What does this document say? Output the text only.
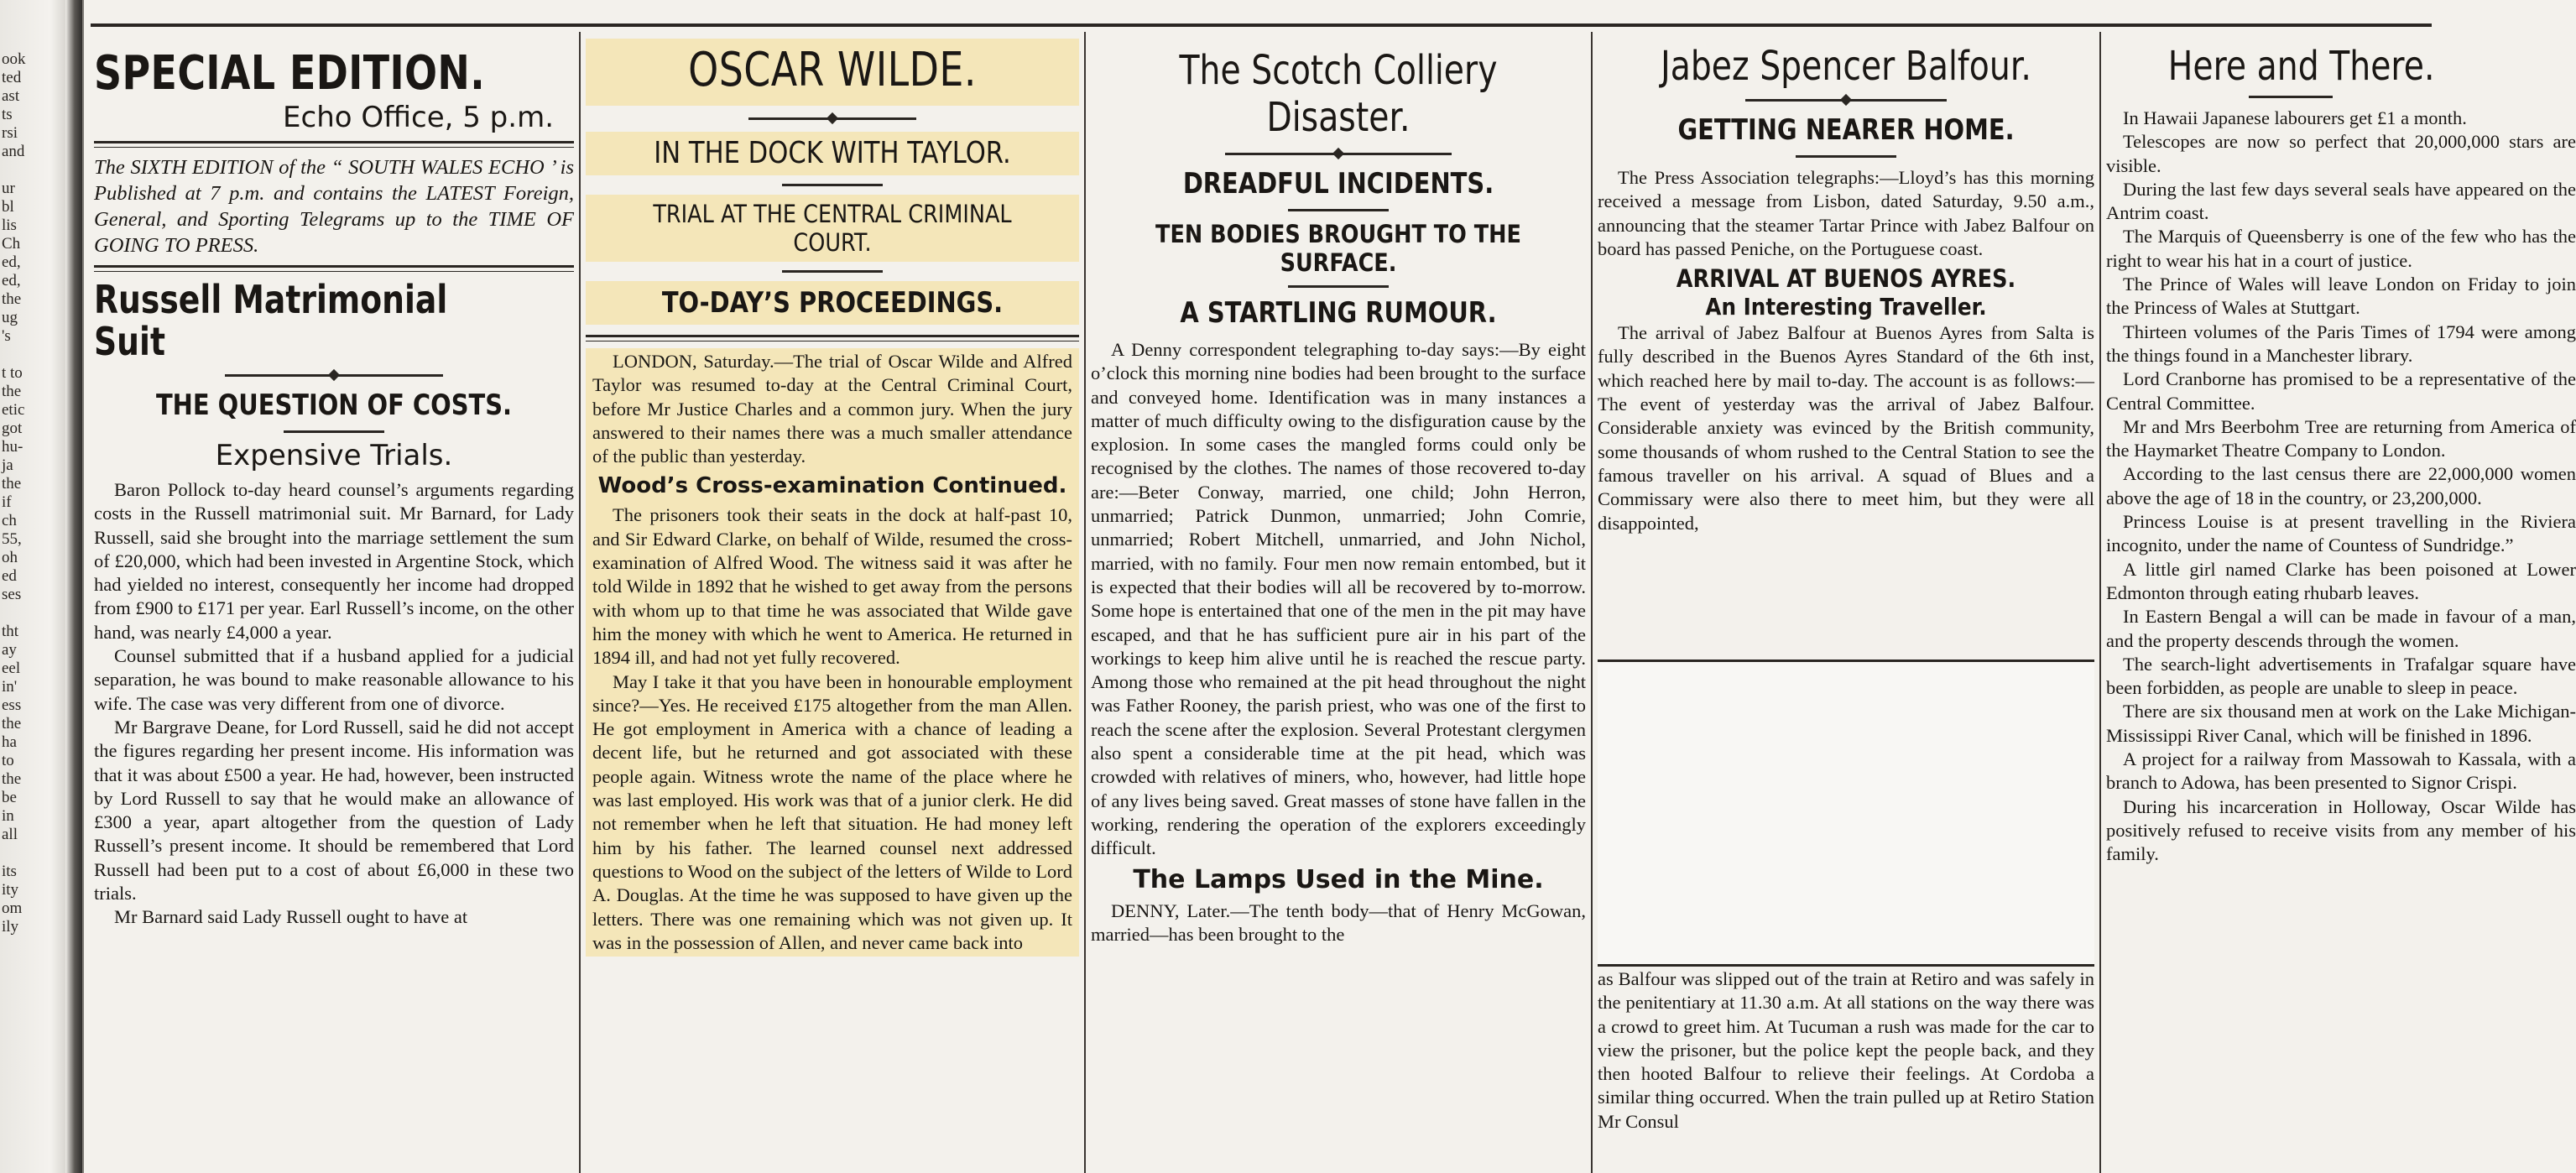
ook
ted
ast
ts
rsi
and

ur
bl
lis
Ch
ed,
ed,
the
ug
's

t to
the
etic
got
hu-
ja
the
if
ch
55,
oh
ed
ses

tht
ay
eel
in'
ess
the
ha
to
the
be
in
all

its
ity
om
ily
SPECIAL EDITION.
Echo Office, 5 p.m.

The SIXTH EDITION of the “ SOUTH WALES ECHO ’ is Published at 7 p.m. and contains the LATEST Foreign, General, and Sporting Telegrams up to the TIME OF GOING TO PRESS.

Russell Matrimonial Suit
THE QUESTION OF COSTS.
Expensive Trials.

Baron Pollock to-day heard counsel’s arguments regarding costs in the Russell matrimonial suit. Mr Barnard, for Lady Russell, said she brought into the marriage settlement the sum of £20,000, which had been invested in Argentine Stock, which had yielded no interest, consequently her income had dropped from £900 to £171 per year. Earl Russell’s income, on the other hand, was nearly £4,000 a year.

Counsel submitted that if a husband applied for a judicial separation, he was bound to make reasonable allowance to his wife. The case was very different from one of divorce.

Mr Bargrave Deane, for Lord Russell, said he did not accept the figures regarding her present income. His information was that it was about £500 a year. He had, however, been instructed by Lord Russell to say that he would make an allowance of £300 a year, apart altogether from the question of Lady Russell’s present income. It should be remembered that Lord Russell had been put to a cost of about £6,000 in these two trials.

Mr Barnard said Lady Russell ought to have at

OSCAR WILDE.
IN THE DOCK WITH TAYLOR.
TRIAL AT THE CENTRAL CRIMINAL COURT.
TO-DAY’S PROCEEDINGS.

LONDON, Saturday.—The trial of Oscar Wilde and Alfred Taylor was resumed to-day at the Central Criminal Court, before Mr Justice Charles and a common jury. When the jury answered to their names there was a much smaller attendance of the public than yesterday.

Wood’s Cross-examination Continued.

The prisoners took their seats in the dock at half-past 10, and Sir Edward Clarke, on behalf of Wilde, resumed the cross-examination of Alfred Wood. The witness said it was after he told Wilde in 1892 that he wished to get away from the persons with whom up to that time he was associated that Wilde gave him the money with which he went to America. He returned in 1894 ill, and had not yet fully recovered.

May I take it that you have been in honourable employment since?—Yes. He received £175 altogether from the man Allen. He got employment in America with a chance of leading a decent life, but he returned and got associated with these people again. Witness wrote the name of the place where he was last employed. His work was that of a junior clerk. He did not remember when he left that situation. He had money left him by his father. The learned counsel next addressed questions to Wood on the subject of the letters of Wilde to Lord A. Douglas. At the time he was supposed to have given up the letters. There was one remaining which was not given up. It was in the possession of Allen, and never came back into

The Scotch Colliery Disaster.
DREADFUL INCIDENTS.
TEN BODIES BROUGHT TO THE SURFACE.
A STARTLING RUMOUR.

A Denny correspondent telegraphing to-day says:—By eight o’clock this morning nine bodies had been brought to the surface and conveyed home. Identification was in many instances a matter of much difficulty owing to the disfiguration cause by the explosion. In some cases the mangled forms could only be recognised by the clothes. The names of those recovered to-day are:—Beter Conway, married, one child; John Herron, unmarried; Patrick Dunmon, unmarried; John Comrie, unmarried; Robert Mitchell, unmarried, and John Nichol, married, with no family. Four men now remain entombed, but it is expected that their bodies will all be recovered by to-morrow. Some hope is entertained that one of the men in the pit may have escaped, and that he has sufficient pure air in his part of the workings to keep him alive until he is reached the rescue party. Among those who remained at the pit head throughout the night was Father Rooney, the parish priest, who was one of the first to reach the scene after the explosion. Several Protestant clergymen also spent a considerable time at the pit head, which was crowded with relatives of miners, who, however, had little hope of any lives being saved. Great masses of stone have fallen in the working, rendering the operation of the explorers exceedingly difficult.

The Lamps Used in the Mine.

DENNY, Later.—The tenth body—that of Henry McGowan, married—has been brought to the

Jabez Spencer Balfour.
GETTING NEARER HOME.

The Press Association telegraphs:—Lloyd’s has this morning received a message from Lisbon, dated Saturday, 9.50 a.m., announcing that the steamer Tartar Prince with Jabez Balfour on board has passed Peniche, on the Portuguese coast.

ARRIVAL AT BUENOS AYRES.
An Interesting Traveller.

The arrival of Jabez Balfour at Buenos Ayres from Salta is fully described in the Buenos Ayres Standard of the 6th inst, which reached here by mail to-day. The account is as follows:—The event of yesterday was the arrival of Jabez Balfour. Considerable anxiety was evinced by the British community, some thousands of whom rushed to the Central Station to see the famous traveller on his arrival. A squad of Blues and a Commissary were also there to meet him, but they were all disappointed,

as Balfour was slipped out of the train at Retiro and was safely in the penitentiary at 11.30 a.m. At all stations on the way there was a crowd to greet him. At Tucuman a rush was made for the car to view the prisoner, but the police kept the people back, and they then hooted Balfour to relieve their feelings. At Cordoba a similar thing occurred. When the train pulled up at Retiro Station Mr Consul

Here and There.

In Hawaii Japanese labourers get £1 a month.

Telescopes are now so perfect that 20,000,000 stars are visible.

During the last few days several seals have appeared on the Antrim coast.

The Marquis of Queensberry is one of the few who has the right to wear his hat in a court of justice.

The Prince of Wales will leave London on Friday to join the Princess of Wales at Stuttgart.

Thirteen volumes of the Paris Times of 1794 were among the things found in a Manchester library.

Lord Cranborne has promised to be a representative of the Central Committee.

Mr and Mrs Beerbohm Tree are returning from America of the Haymarket Theatre Company to London.

According to the last census there are 22,000,000 women above the age of 18 in the country, or 23,200,000.

Princess Louise is at present travelling in the Riviera incognito, under the name of Countess of Sundridge.”

A little girl named Clarke has been poisoned at Lower Edmonton through eating rhubarb leaves.

In Eastern Bengal a will can be made in favour of a man, and the property descends through the women.

The search-light advertisements in Trafalgar square have been forbidden, as people are unable to sleep in peace.

There are six thousand men at work on the Lake Michigan-Mississippi River Canal, which will be finished in 1896.

A project for a railway from Massowah to Kassala, with a branch to Adowa, has been presented to Signor Crispi.

During his incarceration in Holloway, Oscar Wilde has positively refused to receive visits from any member of his family.
